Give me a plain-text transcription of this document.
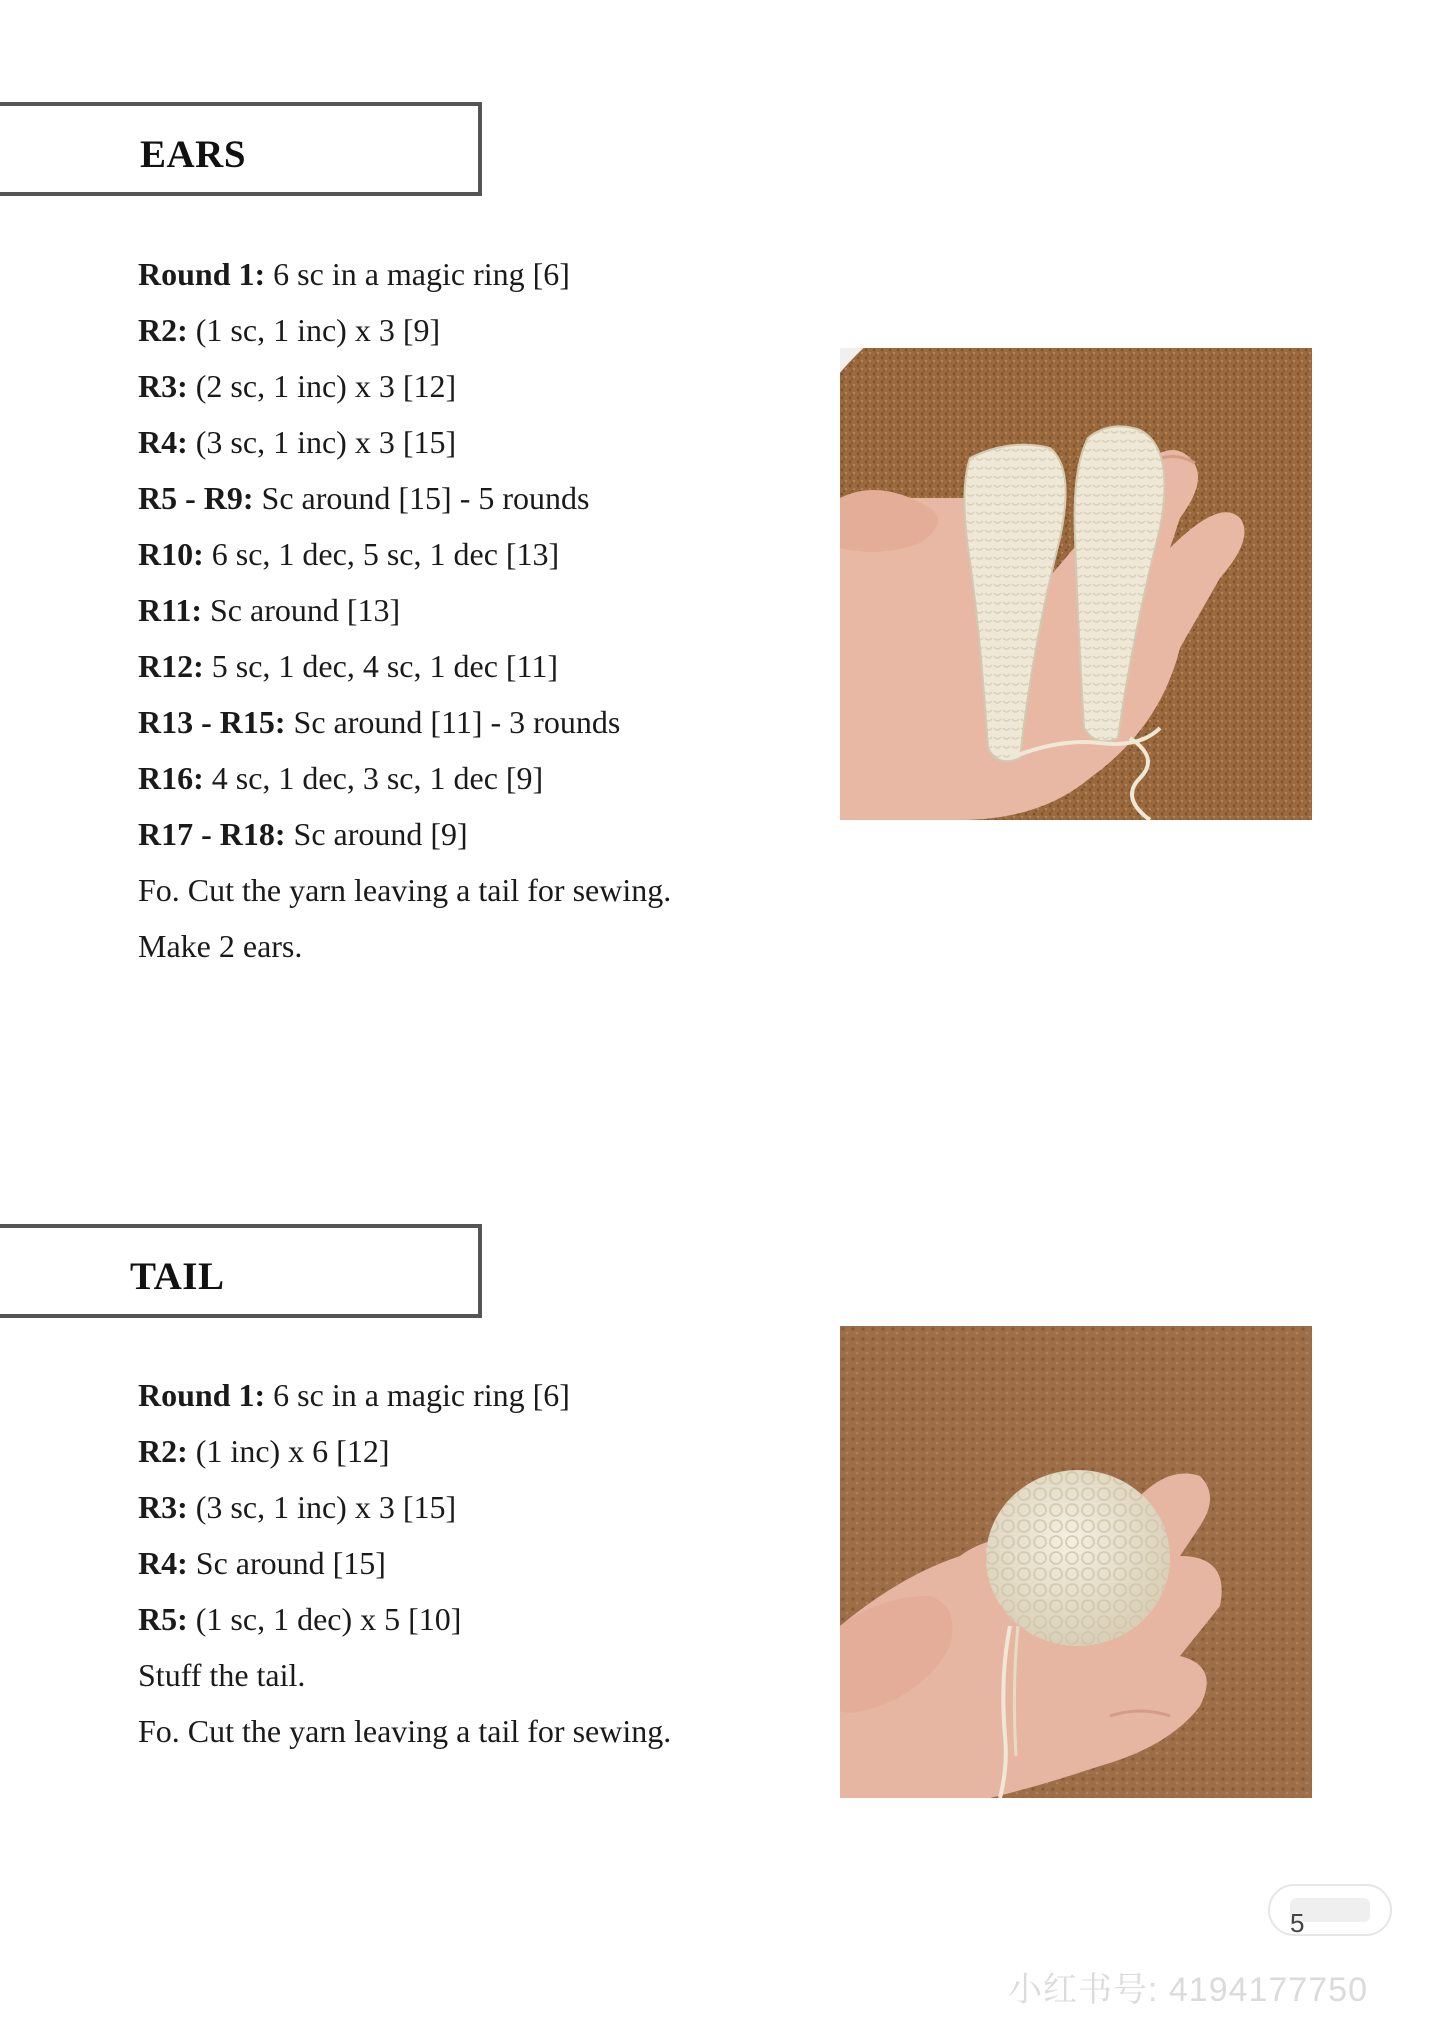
EARS
Round 1: 6 sc in a magic ring [6]
R2: (1 sc, 1 inc) x 3 [9]
R3: (2 sc, 1 inc) x 3 [12]
R4: (3 sc, 1 inc) x 3 [15]
R5 - R9: Sc around [15] - 5 rounds
R10: 6 sc, 1 dec, 5 sc, 1 dec [13]
R11: Sc around [13]
R12: 5 sc, 1 dec, 4 sc, 1 dec [11]
R13 - R15: Sc around [11] - 3 rounds
R16: 4 sc, 1 dec, 3 sc, 1 dec [9]
R17 - R18: Sc around [9]
Fo. Cut the yarn leaving a tail for sewing.
Make 2 ears.
TAIL
Round 1: 6 sc in a magic ring [6]
R2: (1 inc) x 6 [12]
R3: (3 sc, 1 inc) x 3 [15]
R4: Sc around [15]
R5: (1 sc, 1 dec) x 5 [10]
Stuff the tail.
Fo. Cut the yarn leaving a tail for sewing.
5
小红书号: 4194177750
